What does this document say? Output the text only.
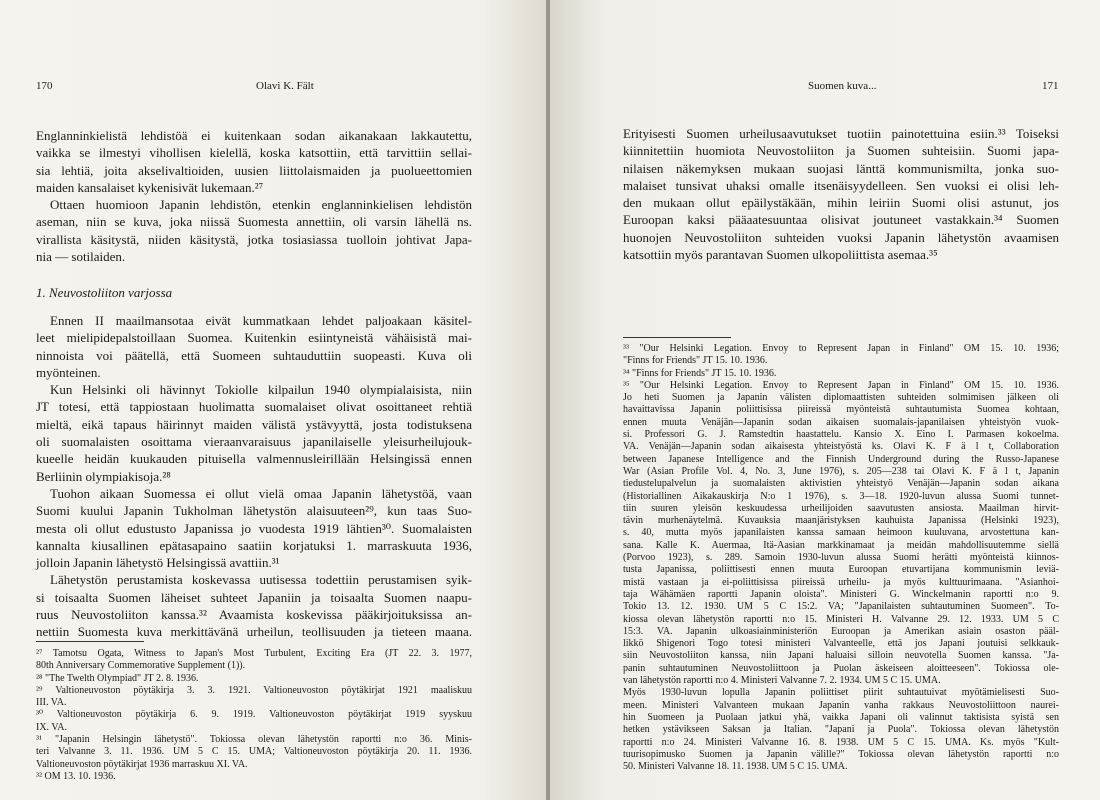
170	Olavi K. Fält
Englanninkielistä lehdistöä ei kuitenkaan sodan aikanakaan lakkautettu,
vaikka se ilmestyi vihollisen kielellä, koska katsottiin, että tarvittiin sellai-
sia lehtiä, joita akselivaltioiden, uusien liittolaismaiden ja puolueettomien
maiden kansalaiset kykenisivät lukemaan.²⁷
Ottaen huomioon Japanin lehdistön, etenkin englanninkielisen lehdistön
aseman, niin se kuva, joka niissä Suomesta annettiin, oli varsin lähellä ns.
virallista käsitystä, niiden käsitystä, jotka tosiasiassa tuolloin johtivat Japa-
nia — sotilaiden.
1. Neuvostoliiton varjossa
Ennen II maailmansotaa eivät kummatkaan lehdet paljoakaan käsitel-
leet mielipidepalstoillaan Suomea. Kuitenkin esiintyneistä vähäisistä mai-
ninnoista voi päätellä, että Suomeen suhtauduttiin suopeasti. Kuva oli
myönteinen.
Kun Helsinki oli hävinnyt Tokiolle kilpailun 1940 olympialaisista, niin
JT totesi, että tappiostaan huolimatta suomalaiset olivat osoittaneet rehtiä
mieltä, eikä tapaus häirinnyt maiden välistä ystävyyttä, josta todistuksena
oli suomalaisten osoittama vieraanvaraisuus japanilaiselle yleisurheilujouk-
kueelle heidän kuukauden pituisella valmennusleirillään Helsingissä ennen
Berliinin olympiakisoja.²⁸
Tuohon aikaan Suomessa ei ollut vielä omaa Japanin lähetystöä, vaan
Suomi kuului Japanin Tukholman lähetystön alaisuuteen²⁹, kun taas Suo-
mesta oli ollut edustusto Japanissa jo vuodesta 1919 lähtien³⁰. Suomalaisten
kannalta kiusallinen epätasapaino saatiin korjatuksi 1. marraskuuta 1936,
jolloin Japanin lähetystö Helsingissä avattiin.³¹
Lähetystön perustamista koskevassa uutisessa todettiin perustamisen syik-
si toisaalta Suomen läheiset suhteet Japaniin ja toisaalta Suomen naapu-
ruus Neuvostoliiton kanssa.³² Avaamista koskevissa pääkirjoituksissa an-
nettiin Suomesta kuva merkittävänä urheilun, teollisuuden ja tieteen maana.
²⁷ Tamotsu Ogata, Witness to Japan's Most Turbulent, Exciting Era (JT 22. 3. 1977,
80th Anniversary Commemorative Supplement (1)).
²⁸ "The Twelth Olympiad" JT 2. 8. 1936.
²⁹ Valtioneuvoston pöytäkirja 3. 3. 1921. Valtioneuvoston pöytäkirjat 1921 maaliskuu
III. VA.
³⁰ Valtioneuvoston pöytäkirja 6. 9. 1919. Valtioneuvoston pöytäkirjat 1919 syyskuu
IX. VA.
³¹ "Japanin Helsingin lähetystö". Tokiossa olevan lähetystön raportti n:o 36. Minis-
teri Valvanne 3. 11. 1936. UM 5 C 15. UMA; Valtioneuvoston pöytäkirja 20. 11. 1936.
Valtioneuvoston pöytäkirjat 1936 marraskuu XI. VA.
³² OM 13. 10. 1936.
Suomen kuva...	171
Erityisesti Suomen urheilusaavutukset tuotiin painotettuina esiin.³³ Toiseksi
kiinnitettiin huomiota Neuvostoliiton ja Suomen suhteisiin. Suomi japa-
nilaisen näkemyksen mukaan suojasi länttä kommunismilta, jonka suo-
malaiset tunsivat uhaksi omalle itsenäisyydelleen. Sen vuoksi ei olisi leh-
den mukaan ollut epäilystäkään, mihin leiriin Suomi olisi astunut, jos
Euroopan kaksi pääaatesuuntaa olisivat joutuneet vastakkain.³⁴ Suomen
huonojen Neuvostoliiton suhteiden vuoksi Japanin lähetystön avaamisen
katsottiin myös parantavan Suomen ulkopoliittista asemaa.³⁵
³³ "Our Helsinki Legation. Envoy to Represent Japan in Finland" OM 15. 10. 1936;
"Finns for Friends" JT 15. 10. 1936.
³⁴ "Finns for Friends" JT 15. 10. 1936.
³⁵ "Our Helsinki Legation. Envoy to Represent Japan in Finland" OM 15. 10. 1936.
Jo heti Suomen ja Japanin välisten diplomaattisten suhteiden solmimisen jälkeen oli
havaittavissa Japanin poliittisissa piireissä myönteistä suhtautumista Suomea kohtaan,
ennen muuta Venäjän—Japanin sodan aikaisen suomalais-japanilaisen yhteistyön vuok-
si. Professori G. J. Ramstedtin haastattelu. Kansio X. Eino I. Parmasen kokoelma.
VA. Venäjän—Japanin sodan aikaisesta yhteistyöstä ks. Olavi K. F ä l t, Collaboration
between Japanese Intelligence and the Finnish Underground during the Russo-Japanese
War (Asian Profile Vol. 4, No. 3, June 1976), s. 205—238 tai Olavi K. F ä l t, Japanin
tiedustelupalvelun ja suomalaisten aktivistien yhteistyö Venäjän—Japanin sodan aikana
(Historiallinen Aikakauskirja N:o 1 1976), s. 3—18. 1920-luvun alussa Suomi tunnet-
tiin suuren yleisön keskuudessa urheilijoiden saavutusten ansiosta. Maailman hirvit-
tävin murhenäytelmä. Kuvauksia maanjäristyksen kauhuista Japanissa (Helsinki 1923),
s. 40, mutta myös japanilaisten kanssa samaan heimoon kuuluvana, arvostettuna kan-
sana. Kalle K. Auermaa, Itä-Aasian markkinamaat ja meidän mahdollisuutemme siellä
(Porvoo 1923), s. 289. Samoin 1930-luvun alussa Suomi herätti myönteistä kiinnos-
tusta Japanissa, poliittisesti ennen muuta Euroopan etuvartijana kommunismin leviä-
mistä vastaan ja ei-poliittisissa piireissä urheilu- ja myös kulttuurimaana. "Asianhoi-
taja Wähämäen raportti Japanin oloista". Ministeri G. Winckelmanin raportti n:o 9.
Tokio 13. 12. 1930. UM 5 C 15:2. VA; "Japanilaisten suhtautuminen Suomeen". To-
kiossa olevan lähetystön raportti n:o 15. Ministeri H. Valvanne 29. 12. 1933. UM 5 C
15:3. VA. Japanin ulkoasiainministeriön Euroopan ja Amerikan asiain osaston pääl-
likkö Shigenori Togo totesi ministeri Valvanteelle, että jos Japani joutuisi selkkauk-
siin Neuvostoliiton kanssa, niin Japani haluaisi silloin neuvotella Suomen kanssa. "Ja-
panin suhtautuminen Neuvostoliittoon ja Puolan äskeiseen aloitteeseen". Tokiossa ole-
van lähetystön raportti n:o 4. Ministeri Valvanne 7. 2. 1934. UM 5 C 15. UMA.
Myös 1930-luvun lopulla Japanin poliittiset piirit suhtautuivat myötämielisesti Suo-
meen. Ministeri Valvanteen mukaan Japanin vanha rakkaus Neuvostoliittoon naurei-
hin Suomeen ja Puolaan jatkui yhä, vaikka Japani oli valinnut taktisista syistä sen
hetken ystävikseen Saksan ja Italian. "Japani ja Puola". Tokiossa olevan lähetystön
raportti n:o 24. Ministeri Valvanne 16. 8. 1938. UM 5 C 15. UMA. Ks. myös "Kult-
tuurisopimusko Suomen ja Japanin välille?" Tokiossa olevan lähetystön raportti n:o
50. Ministeri Valvanne 18. 11. 1938. UM 5 C 15. UMA.
